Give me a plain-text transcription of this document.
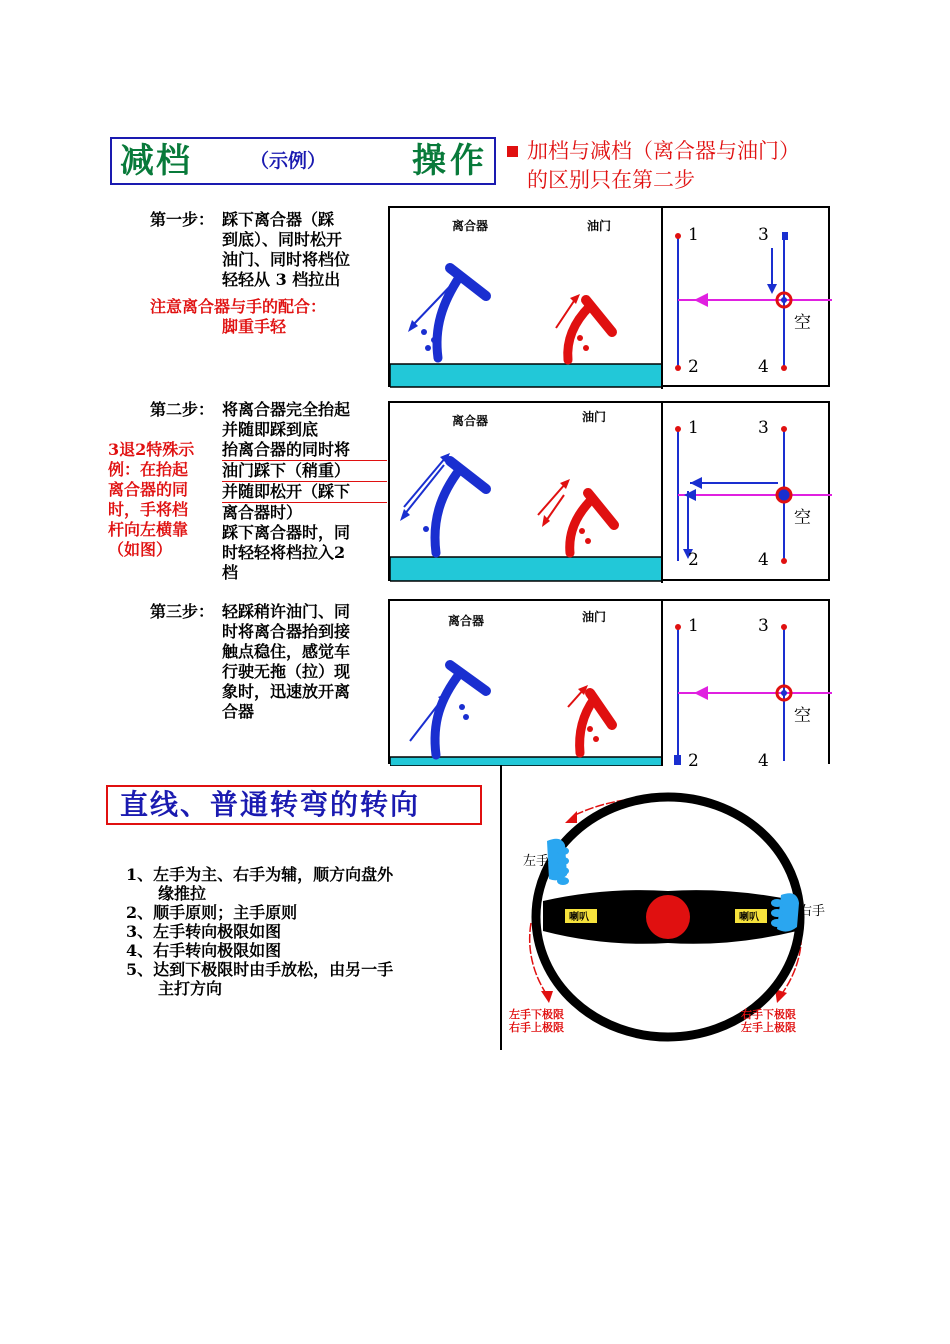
减档	（示例）	操作 加档与减档（离合器与油门）
的区别只在第二步
第一步： 踩下离合器（踩
到底）、同时松开
油门、同时将档位
轻轻从 3 档拉出
注意离合器与手的配合：
脚重手轻
第二步： 将离合器完全抬起
并随即踩到底
抬离合器的同时将
油门踩下（稍重）
并随即松开（踩下
离合器时）
踩下离合器时，同
时轻轻将档拉入2
档
3退2特殊示
例：在抬起
离合器的同
时，手将档
杆向左横靠
（如图）
第三步： 轻踩稍许油门、同
时将离合器抬到接
触点稳住，感觉车
行驶无拖（拉）现
象时，迅速放开离
合器
离合器	油门	1	3
2	4
空
离合器	油门
1	3
2	4
空
离合器	油门	1	3
2	4
空
直线、普通转弯的转向
1、左手为主、右手为辅，顺方向盘外
缘推拉
2、顺手原则；主手原则
3、左手转向极限如图
4、右手转向极限如图
5、达到下极限时由手放松，由另一手
主打方向
喇叭	喇叭
左手
右手
左手下极限
右手上极限
右手下极限
左手上极限
